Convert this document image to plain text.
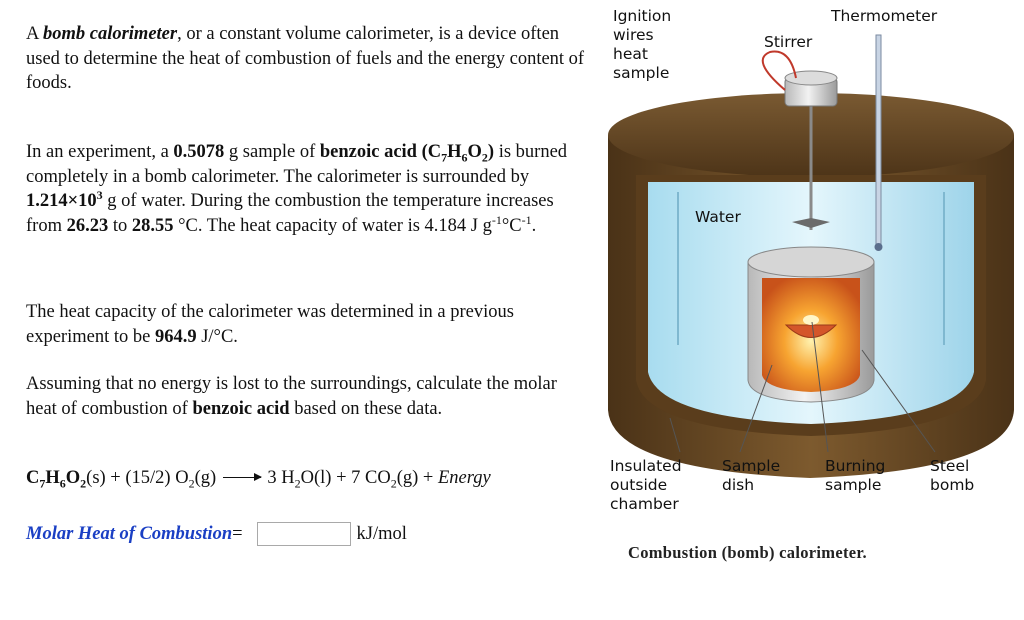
A bomb calorimeter, or a constant volume calorimeter, is a device often used to determine the heat of combustion of fuels and the energy content of foods.
In an experiment, a 0.5078 g sample of benzoic acid $(C_7H_6O_2)$ is burned completely in a bomb calorimeter. The calorimeter is surrounded by $1.214\times 10^3$ g of water. During the combustion the temperature increases from 26.23 to 28.55 °C. The heat capacity of water is 4.184 J $g^{-1}^\circ C^{-1}$.
The heat capacity of the calorimeter was determined in a previous experiment to be 964.9 J/°C.
Assuming that no energy is lost to the surroundings, calculate the molar heat of combustion of benzoic acid based on these data.
$C_7H_6O_2(s) + (15/2) O_2(g) \to 3$ $H_2O(l) + 7$ $CO_2(g)$ + Energy
Molar Heat of Combustion =	kJ/mol
Ignition
wires
heat
sample
Thermometer
Stirrer
Water
Insulated
outside
chamber
Sample
dish
Burning
sample
Steel
bomb
Combustion (bomb) calorimeter.
